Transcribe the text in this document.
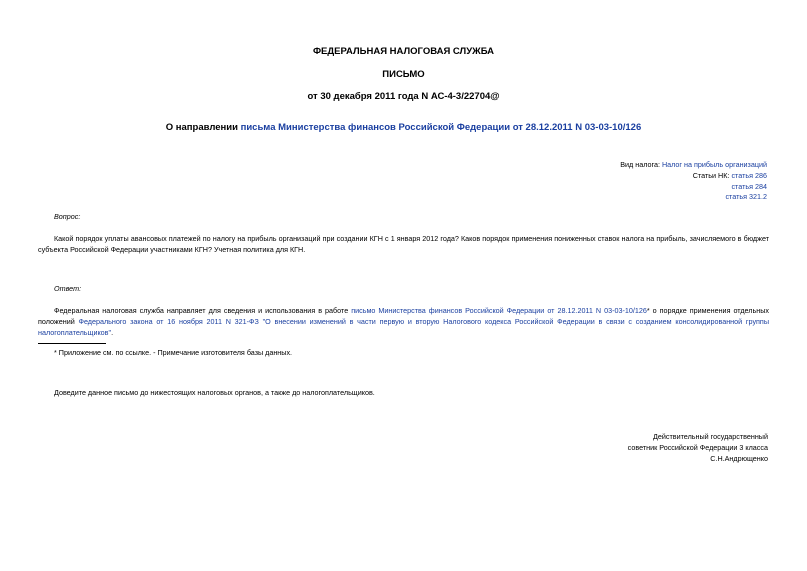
ФЕДЕРАЛЬНАЯ НАЛОГОВАЯ СЛУЖБА
ПИСЬМО
от 30 декабря 2011 года N АС-4-3/22704@
О направлении письма Министерства финансов Российской Федерации от 28.12.2011 N 03-03-10/126
Вид налога: Налог на прибыль организаций
Статьи НК: статья 286
статья 284
статья 321.2
Вопрос:

Какой порядок уплаты авансовых платежей по налогу на прибыль организаций при создании КГН с 1 января 2012 года? Каков порядок применения пониженных ставок налога на прибыль, зачисляемого в бюджет субъекта Российской Федерации участниками КГН? Учетная политика для КГН.

Ответ:

Федеральная налоговая служба направляет для сведения и использования в работе письмо Министерства финансов Российской Федерации от 28.12.2011 N 03-03-10/126* о порядке применения отдельных положений Федерального закона от 16 ноября 2011 N 321-ФЗ "О внесении изменений в части первую и вторую Налогового кодекса Российской Федерации в связи с созданием консолидированной группы налогоплательщиков".

* Приложение см. по ссылке. - Примечание изготовителя базы данных.

Доведите данное письмо до нижестоящих налоговых органов, а также до налогоплательщиков.

Действительный государственный
советник Российской Федерации 3 класса
С.Н.Андрющенко
